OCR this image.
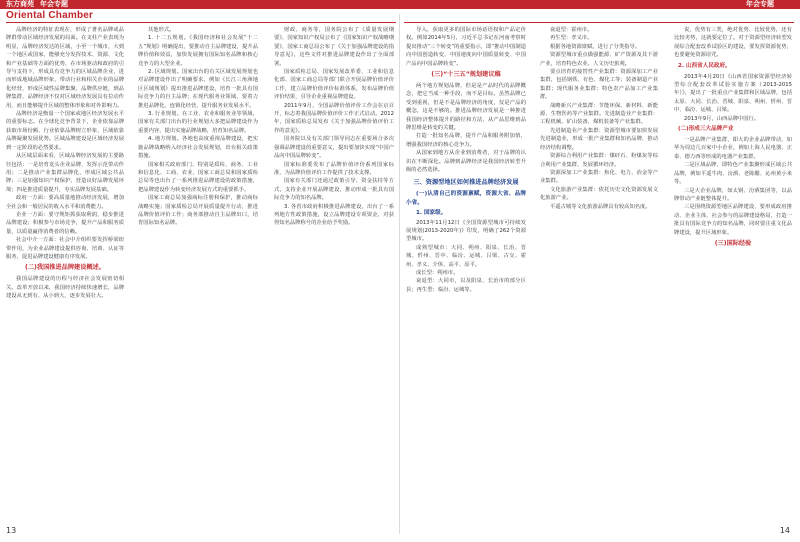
东方商苑 年会专题	年会专题
Oriental Chamber

品牌经济的特征表现在，形成了著名品牌或品牌群带动区域经济发展的局面。在支柱产业表现为明显，品牌经济发达的区域，小至一个城市，大到一个地区或国家，能够充分发挥技术、资源、文化和产业基础等方面的优势，在市场驱动和政府的引导与支持下，形成具有竞争力的区域品牌企业，进而形成地域品牌形象，带动行业和相关企业的品牌化经营，形成区域性品牌集聚，品牌供应链，到品牌集群，品牌经济不仅对区域经济发展具有拉动作用，而且能够提升区域的整体形象和对外影响力。

品牌经济是衡量一个国家或地区经济发展水平的重要标志。在全球化竞争背景下，企业依靠品牌获取市场份额，行业依靠品牌树立形象，区域依靠品牌凝聚发展优势。区域品牌建设是区域经济发展到一定阶段的必然要求。

从区域层面来看，区域品牌经济发展的主要路径包括：一是培育龙头企业品牌，发挥示范带动作用；二是推动产业集群品牌化，形成区域公共品牌；三是加强知识产权保护，营造良好品牌发展环境；四是推进质量提升，夯实品牌发展基础。

政府一方面：要高质量地推动经济发展，增加全社会和一般居民的收入水平和消费能力。

企业一方面：要守规矩抓获取利润，稳步推进品牌建设；积极参与市场竞争，提升产品和服务质量，以质量赢得消费者的信赖。

社会中介一方面：社会中介组织要发挥桥梁纽带作用，为企业品牌建设提供咨询、培训、认证等服务，促进品牌建设健康有序发展。

(二)我国推进品牌建设概述。

我国品牌建设的历程与经济社会发展密切相关。改革开放以来，我国经济持续快速增长，品牌建设从无到有、从小到大，逐步发展壮大。

其他形式。

1. 十二五规划。《我国经济和社会发展“十二五”规划》明确提出，要推动自主品牌建设，提升品牌价值和效益，加快发展拥有国际知名品牌和核心竞争力的大型企业。

2. 区域规划。国家出台的有关区域发展规划也对品牌建设作出了明确要求，例如《长江三角洲地区区域规划》提出推进品牌建设，培育一批具有国际竞争力的自主品牌；在现代服务业领域，要着力推进品牌化、连锁化经营，提升服务业发展水平。

3. 行业规划。在工业、农业和服务业等领域，国家有关部门出台的行业规划大多把品牌建设作为重要内容，提出实施品牌战略，培育知名品牌。

4. 地方规划。各地也高度重视品牌建设，把实施品牌战略纳入经济社会发展规划，出台相关政策措施。

国家相关政府部门、特别是质检、商务、工业和信息化、工商、农业、国家工商总局和国家质检总局等也出台了一系列推进品牌建设的政策措施，把品牌建设作为转变经济发展方式的重要抓手。

国家工商总局加强商标注册和保护，推动商标战略实施；国家质检总局开展质量提升行动，推进品牌价值评价工作；商务部推动自主品牌出口，培育国际知名品牌。

财政、商务等，国务院公布了《质量发展纲要》，国家知识产权局公布了《国家知识产权战略纲要》，国家工商总局公布了《关于加强品牌建设的指导意见》，这些文件对推进品牌建设作出了全面部署。

国家质检总局、国家发展改革委、工业和信息化部、国家工商总局等部门联合开展品牌价值评价工作，建立品牌价值评价标准体系，发布品牌价值评价结果，引导企业重视品牌建设。

2011年9月，全国品牌价值评价工作会在京召开，标志着我国品牌价值评价工作正式启动。2012年，国家质检总局发布《关于加强品牌价值评价工作的意见》。

国务院以及有关部门领导同志在重要场合多次强调品牌建设的重要意义，提出要加快实现“中国产品向中国品牌转变”。

国家标准委发布了品牌价值评价系列国家标准，为品牌价值评价工作提供了技术支撑。

国家有关部门还通过政策引导、资金扶持等方式，支持企业开展品牌建设，推动形成一批具有国际竞争力的知名品牌。

3. 各省市政府积极推进品牌建设，出台了一系列地方性政策措施，设立品牌建设专项资金，对获得知名品牌称号的企业给予奖励。

导入，获取更多的国际市场话语权和产品定价权。例如2014年5月，习近平总书记在河南考察时提出推动“三个转变”的重要指示，即“推动中国制造向中国创造转变、中国速度向中国质量转变、中国产品向中国品牌转变”。

(三)“十三五”规划建议稿

两个地方规划品牌，但是是产品时代的品牌概念，把它当成一种手段，而不是目标。虽然品牌已受到重视，但是不是品牌经济的角度，仅是产品的概念，这是不够的。推进品牌经济发展是一种推进我国经济整体提升的路径和方法，从产品思维到品牌思维是转变的关键。

打造一批知名品牌，提升产品和服务附加值，增强我国经济的核心竞争力。

从国家到地方从企业到消费者，对于品牌的认识在不断深化。品牌到品牌经济是我国经济转型升级的必然选择。

三、资源型地区如何推进品牌经济发展
(一)认清自己的资源禀赋，资源大省、品牌小省。
1. 国家级。

2013年11月12日《全国资源型城市可持续发展规划(2013-2020年)》印发，明确了262个资源型城市。

成熟型城市：大同、朔州、阳泉、长治、晋城、忻州、晋中、临汾、运城、吕梁、古交、霍州、孝义、介休、高平、原平。

成长型：朔州市。

衰退型：大同市，以及阳泉、长治市的部分区县；再生型：临汾、运城等。

衰退型：霍州市。

再生型：孝义市。

根据各地资源禀赋，进行了分类指导。

资源型城市重点做强能源、矿产资源及其下游产业，培育特色农业、人文历史旅观。

要点培育的接替性产业集群：资源深加工产业集群，包括钢铁、有色、煤化工等；装备制造产业集群；现代服务业集群；特色农产品加工产业集群。

战略新兴产业集群：节能环保、新材料、新能源、生物医药等产业集群。先进制造业产业集群：工程机械、矿山装备、煤机装备等产业集群。

先进制造业产业集群：资源型城市要加快发展先进制造业，形成一批产业集群和知名品牌，推动经济结构调整。

资源综合利用产业集群：煤矸石、粉煤灰等综合利用产业集群，发展循环经济。

资源深加工产业集群：焦化、电力、冶金等产业集群。

文化旅游产业集群：依托历史文化资源发展文化旅游产业。

平遥古城等文化旅游品牌具有较高知名度。

说，优势有三类，绝对优势、比较优势，还有比较劣势，这就要定位了。对于资源型经济转型发展综合配套改革试验区的建设，要发挥资源优势，也要避免资源诅咒。

2. 山西省人民政府。

2013年4月20日《山西省国家资源型经济转型综合配套改革试验实施方案（2013-2015年）》，提出了一批重点产业集群和区域品牌，包括太原、大同、长治、晋城、阳泉、朔州、忻州、晋中、临汾、运城、吕梁。

2013年9月，山西品牌中国行。

(二)形成三大品牌产业

一是品牌产业集群，即大的企业品牌带动，如华为周边几百家中小企业，例如上海人民电器、正泰、德力西等形成的电器产业集群。

二是区域品牌，即特色产业集聚形成区域公共品牌，例如平遥牛肉、汾酒、老陈醋、沁州黄小米等。

三是大企业品牌，如太钢、汾酒集团等，以品牌带动产业链整体提升。

三是围绕资源型地区品牌建设，要形成政府推动、企业主体、社会参与的品牌建设格局，打造一批具有国际竞争力的知名品牌，同时要注重文化品牌建设，提升区域形象。

(三)国际经验
13	14
